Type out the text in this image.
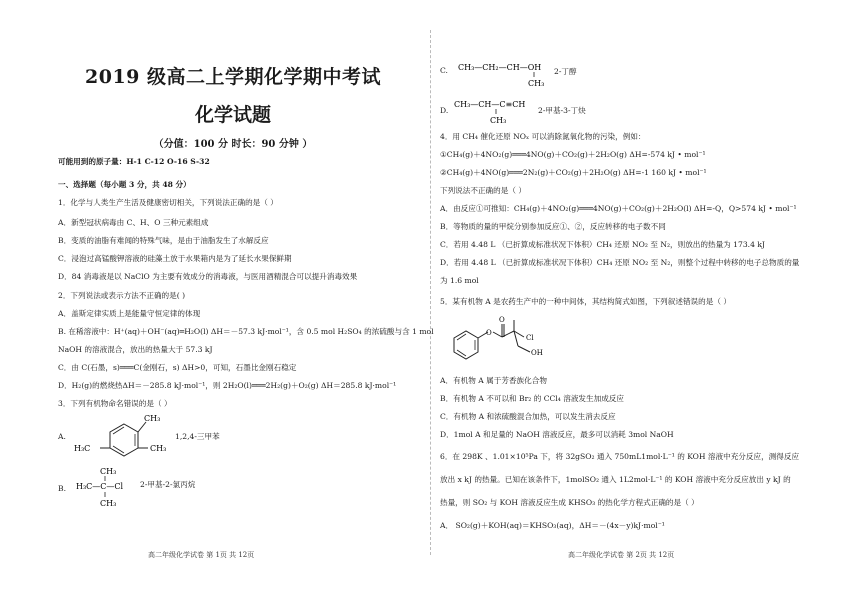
2019 级高二上学期化学期中考试
化学试题
（分值：100 分 时长：90 分钟 ）
可能用到的原子量：H-1 C-12 O-16 S-32
一、选择题（每小题 3 分，共 48 分）
1．化学与人类生产生活及健康密切相关，下列说法正确的是（ ）
A．新型冠状病毒由 C、H、O 三种元素组成
B．变质的油脂有难闻的特殊气味，是由于油脂发生了水解反应
C．浸泡过高锰酸钾溶液的硅藻土放于水果箱内是为了延长水果保鲜期
D．84 消毒液是以 NaClO 为主要有效成分的消毒液，与医用酒精混合可以提升消毒效果
2．下列说法或表示方法不正确的是( )
A．盖斯定律实质上是能量守恒定律的体现
B. 在稀溶液中：H⁺(aq)＋OH⁻(aq)═H₂O(l) ΔH＝－57.3 kJ·mol⁻¹，含 0.5 mol H₂SO₄ 的浓硫酸与含 1 mol
NaOH 的溶液混合，放出的热量大于 57.3 kJ
C．由 C(石墨，s)═══C(金刚石，s) ΔH>0，可知，石墨比金刚石稳定
D．H₂(g)的燃烧热ΔH＝－285.8 kJ·mol⁻¹，则 2H₂O(l)═══2H₂(g)＋O₂(g) ΔH＝285.8 kJ·mol⁻¹
3．下列有机物命名错误的是（ ）
A.
CH₃
H₃C	CH₃
1,2,4-三甲苯
B.
CH₃
H₃C—C—Cl
CH₃
2-甲基-2-氯丙烷
高二年级化学试卷 第 1页 共 12页
C. CH₃—CH₂—CH—OH
CH₃
2-丁醇
D.
CH₃—CH—C≡CH
CH₃
2-甲基-3-丁炔
4．用 CH₄ 催化还原 NOₓ 可以消除氮氧化物的污染，例如：
①CH₄(g)＋4NO₂(g)═══4NO(g)＋CO₂(g)＋2H₂O(g) ΔH=-574 kJ • mol⁻¹
②CH₄(g)＋4NO(g)═══2N₂(g)＋CO₂(g)＋2H₂O(g) ΔH=-1 160 kJ • mol⁻¹
下列说法不正确的是（ ）
A．由反应①可推知：CH₄(g)＋4NO₂(g)═══4NO(g)＋CO₂(g)＋2H₂O(l) ΔH=-Q，Q>574 kJ • mol⁻¹
B．等物质的量的甲烷分别参加反应①、②，反应转移的电子数不同
C．若用 4.48 L （已折算成标准状况下体积）CH₄ 还原 NO₂ 至 N₂，则放出的热量为 173.4 kJ
D．若用 4.48 L （已折算成标准状况下体积）CH₄ 还原 NO₂ 至 N₂，则整个过程中转移的电子总物质的量
为 1.6 mol
5．某有机物 A 是农药生产中的一种中间体，其结构简式如图，下列叙述错误的是（ ）
O
O
Cl
OH
A．有机物 A 属于芳香族化合物
B．有机物 A 不可以和 Br₂ 的 CCl₄ 溶液发生加成反应
C．有机物 A 和浓硫酸混合加热，可以发生消去反应
D．1mol A 和足量的 NaOH 溶液反应，最多可以消耗 3mol NaOH
6．在 298K 、1.01×10⁵Pa 下，将 32gSO₂ 通入 750mL1mol·L⁻¹ 的 KOH 溶液中充分反应，测得反应
放出 x kJ 的热量。已知在该条件下，1molSO₂ 通入 1L2mol·L⁻¹ 的 KOH 溶液中充分反应放出 y kJ 的
热量，则 SO₂ 与 KOH 溶液反应生成 KHSO₃ 的热化学方程式正确的是（ ）
A． SO₂(g)＋KOH(aq)＝KHSO₃(aq)，ΔH＝－(4x－y)kJ·mol⁻¹
高二年级化学试卷 第 2页 共 12页
